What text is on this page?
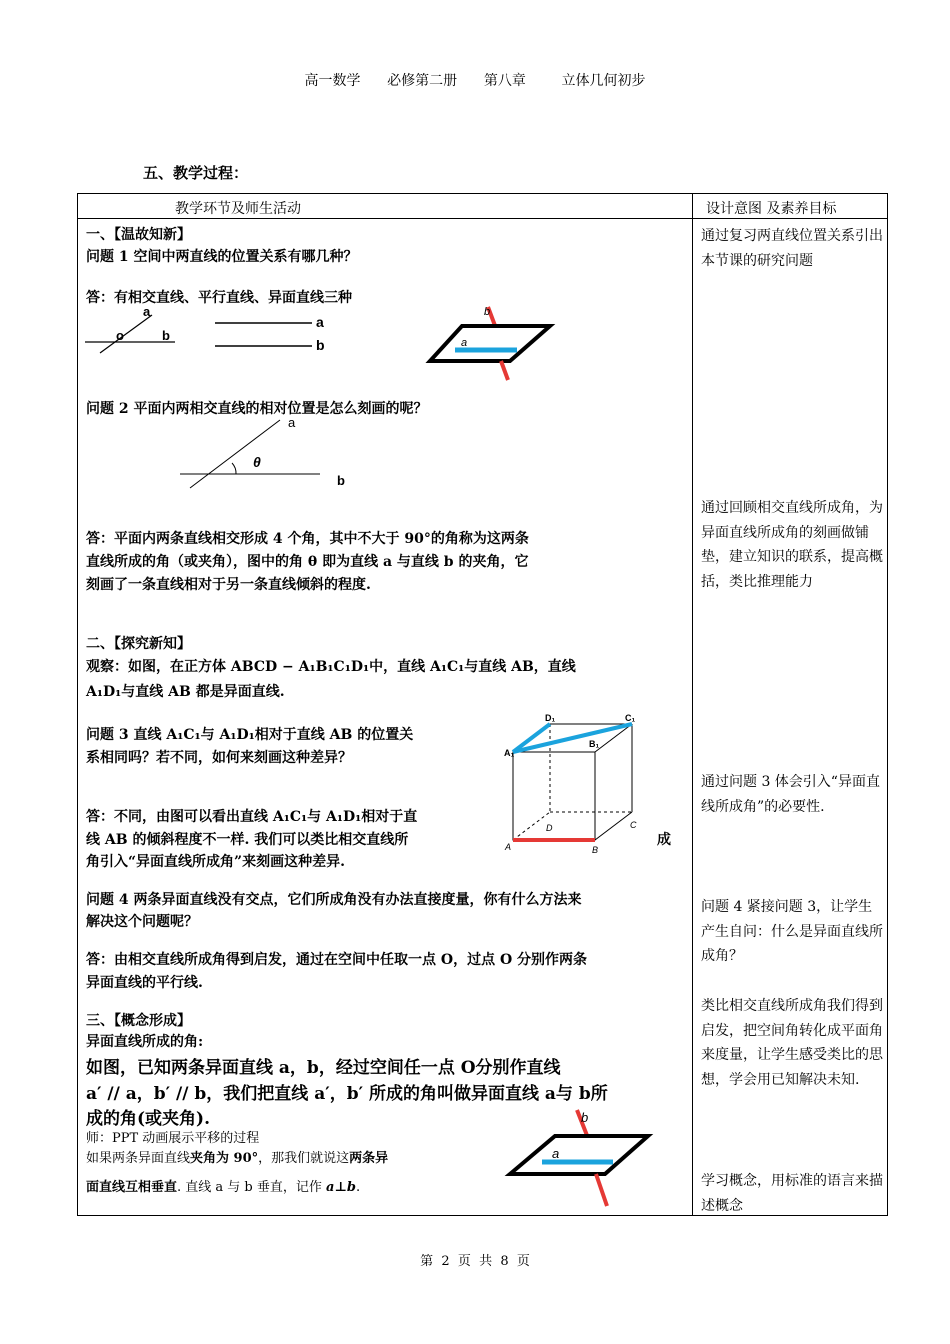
高一数学      必修第二册      第八章        立体几何初步
五、教学过程：
教学环节及师生活动	设计意图 及素养目标
一、【温故知新】
问题 1 空间中两直线的位置关系有哪几种？
答：有相交直线、平行直线、异面直线三种
a
o	b
a
b	a
b
问题 2 平面内两相交直线的相对位置是怎么刻画的呢？
a
b
θ
答：平面内两条直线相交形成 4 个角，其中不大于 90°的角称为这两条
直线所成的角（或夹角），图中的角 θ 即为直线 a 与直线 b 的夹角，它
刻画了一条直线相对于另一条直线倾斜的程度.
二、【探究新知】
观察：如图，在正方体 ABCD − A₁B₁C₁D₁中，直线 A₁C₁与直线 AB，直线
A₁D₁与直线 AB 都是异面直线.
问题 3 直线 A₁C₁与 A₁D₁相对于直线 AB 的位置关
系相同吗？若不同，如何来刻画这种差异？	A₁
B₁
C₁
D₁
A	B
C
D
答：不同，由图可以看出直线 A₁C₁与 A₁D₁相对于直
线 AB 的倾斜程度不一样. 我们可以类比相交直线所	成
角引入“异面直线所成角”来刻画这种差异.
问题 4 两条异面直线没有交点，它们所成角没有办法直接度量，你有什么方法来
解决这个问题呢？
答：由相交直线所成角得到启发，通过在空间中任取一点 O，过点 O 分别作两条
异面直线的平行线.
三、【概念形成】
异面直线所成的角:
如图，已知两条异面直线 a，b，经过空间任一点 O分别作直线
a′ // a，b′ // b，我们把直线 a′，b′ 所成的角叫做异面直线 a与 b所
成的角(或夹角).
师：PPT 动画展示平移的过程
如果两条异面直线夹角为 90°，那我们就说这两条异
面直线互相垂直. 直线 a 与 b 垂直，记作 a⊥b.
a
b
通过复习两直线位置关系引出本节课的研究问题
通过回顾相交直线所成角，为异面直线所成角的刻画做铺垫，建立知识的联系，提高概括，类比推理能力
通过问题 3 体会引入“异面直线所成角”的必要性.
问题 4 紧接问题 3，让学生产生自问：什么是异面直线所成角？
类比相交直线所成角我们得到启发，把空间角转化成平面角来度量，让学生感受类比的思想，学会用已知解决未知.
学习概念，用标准的语言来描述概念
第  2  页  共  8  页
